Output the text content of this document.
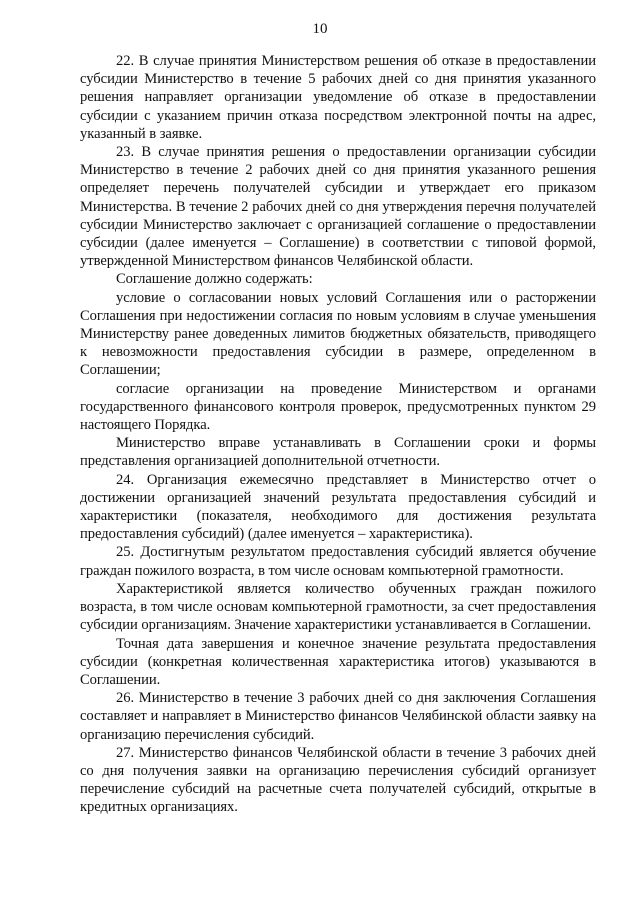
10

22. В случае принятия Министерством решения об отказе в предоставлении субсидии Министерство в течение 5 рабочих дней со дня принятия указанного решения направляет организации уведомление об отказе в предоставлении субсидии с указанием причин отказа посредством электронной почты на адрес, указанный в заявке.

23. В случае принятия решения о предоставлении организации субсидии Министерство в течение 2 рабочих дней со дня принятия указанного решения определяет перечень получателей субсидии и утверждает его приказом Министерства. В течение 2 рабочих дней со дня утверждения перечня получателей субсидии Министерство заключает с организацией соглашение о предоставлении субсидии (далее именуется – Соглашение) в соответствии с типовой формой, утвержденной Министерством финансов Челябинской области.

Соглашение должно содержать:

условие о согласовании новых условий Соглашения или о расторжении Соглашения при недостижении согласия по новым условиям в случае уменьшения Министерству ранее доведенных лимитов бюджетных обязательств, приводящего к невозможности предоставления субсидии в размере, определенном в Соглашении;

согласие организации на проведение Министерством и органами государственного финансового контроля проверок, предусмотренных пунктом 29 настоящего Порядка.

Министерство вправе устанавливать в Соглашении сроки и формы представления организацией дополнительной отчетности.

24. Организация ежемесячно представляет в Министерство отчет о достижении организацией значений результата предоставления субсидий и характеристики (показателя, необходимого для достижения результата предоставления субсидий) (далее именуется – характеристика).

25. Достигнутым результатом предоставления субсидий является обучение граждан пожилого возраста, в том числе основам компьютерной грамотности.

Характеристикой является количество обученных граждан пожилого возраста, в том числе основам компьютерной грамотности, за счет предоставления субсидии организациям. Значение характеристики устанавливается в Соглашении.

Точная дата завершения и конечное значение результата предоставления субсидии (конкретная количественная характеристика итогов) указываются в Соглашении.

26. Министерство в течение 3 рабочих дней со дня заключения Соглашения составляет и направляет в Министерство финансов Челябинской области заявку на организацию перечисления субсидий.

27. Министерство финансов Челябинской области в течение 3 рабочих дней со дня получения заявки на организацию перечисления субсидий организует перечисление субсидий на расчетные счета получателей субсидий, открытые в кредитных организациях.
